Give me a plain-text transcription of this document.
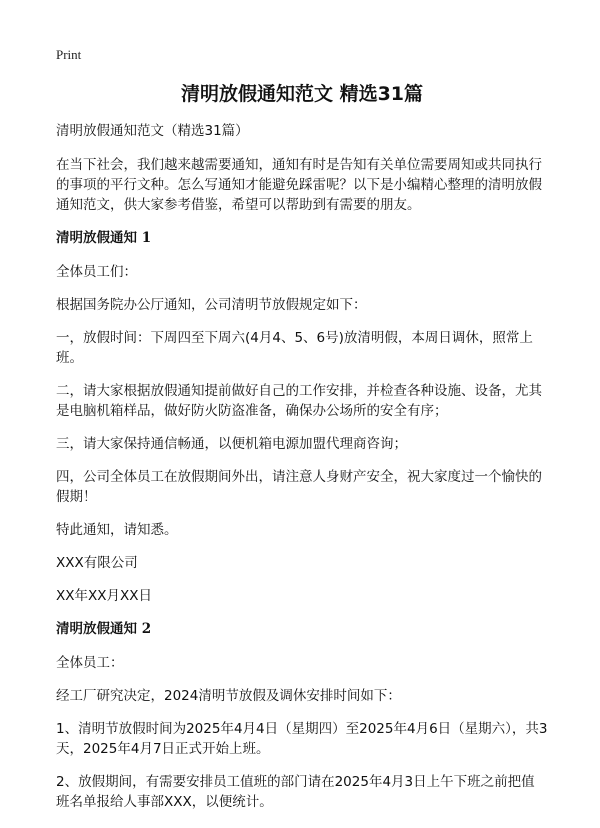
Print
清明放假通知范文 精选31篇

清明放假通知范文（精选31篇）

在当下社会，我们越来越需要通知，通知有时是告知有关单位需要周知或共同执行的事项的平行文种。怎么写通知才能避免踩雷呢？以下是小编精心整理的清明放假通知范文，供大家参考借鉴，希望可以帮助到有需要的朋友。

清明放假通知 1

全体员工们：

根据国务院办公厅通知，公司清明节放假规定如下：

一，放假时间：下周四至下周六(4月4、5、6号)放清明假，本周日调休，照常上班。

二，请大家根据放假通知提前做好自己的工作安排，并检查各种设施、设备，尤其是电脑机箱样品，做好防火防盗准备，确保办公场所的安全有序；

三，请大家保持通信畅通，以便机箱电源加盟代理商咨询；

四，公司全体员工在放假期间外出，请注意人身财产安全，祝大家度过一个愉快的假期！

特此通知，请知悉。

XXX有限公司

XX年XX月XX日

清明放假通知 2

全体员工：

经工厂研究决定，2024清明节放假及调休安排时间如下：

1、清明节放假时间为2025年4月4日（星期四）至2025年4月6日（星期六），共3天，2025年4月7日正式开始上班。

2、放假期间，有需要安排员工值班的部门请在2025年4月3日上午下班之前把值班名单报给人事部XXX，以便统计。
